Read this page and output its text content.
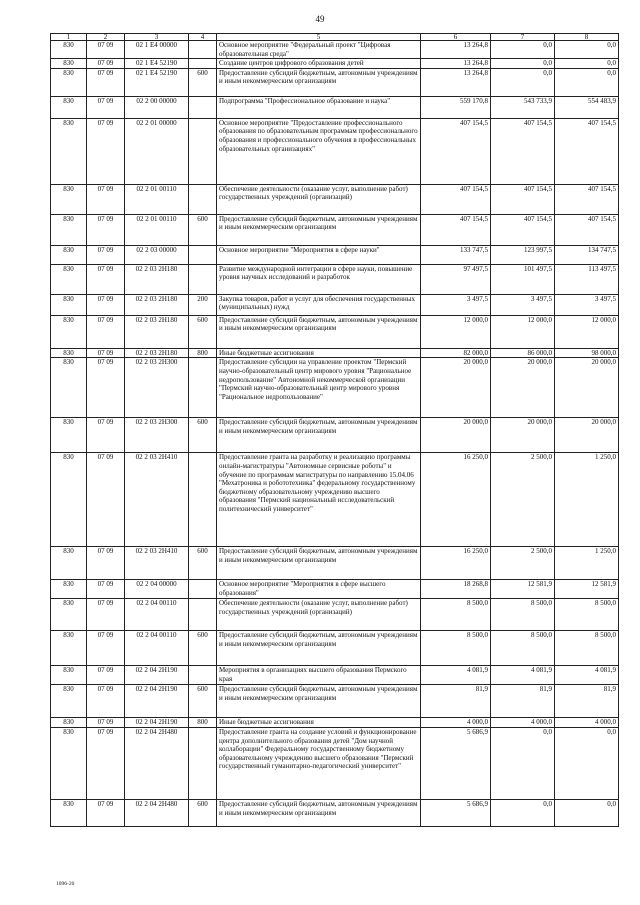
49
1	2	3	4	5	6	7	8
830	07 09	02 1 E4 00000		Основное мероприятие "Федеральный проект "Цифровая образовательная среда"	13 264,8	0,0	0,0
830	07 09	02 1 E4 52190		Создание центров цифрового образования детей	13 264,8	0,0	0,0
830	07 09	02 1 E4 52190	600	Предоставление субсидий бюджетным, автономным учреждениям и иным некоммерческим организациям	13 264,8	0,0	0,0
830	07 09	02 2 00 00000		Подпрограмма "Профессиональное образование и наука"	559 170,8	543 733,9	554 483,9
830	07 09	02 2 01 00000		Основное мероприятие "Предоставление профессионального образования по образовательным программам профессионального образования и профессионального обучения в профессиональных образовательных организациях"	407 154,5	407 154,5	407 154,5
830	07 09	02 2 01 00110		Обеспечение деятельности (оказание услуг, выполнение работ) государственных учреждений (организаций)	407 154,5	407 154,5	407 154,5
830	07 09	02 2 01 00110	600	Предоставление субсидий бюджетным, автономным учреждениям и иным некоммерческим организациям	407 154,5	407 154,5	407 154,5
830	07 09	02 2 03 00000		Основное мероприятие "Мероприятия в сфере науки"	133 747,5	123 997,5	134 747,5
830	07 09	02 2 03 2H180		Развитие международной интеграции в сфере науки, повышение уровня научных исследований и разработок	97 497,5	101 497,5	113 497,5
830	07 09	02 2 03 2H180	200	Закупка товаров, работ и услуг для обеспечения государственных (муниципальных) нужд	3 497,5	3 497,5	3 497,5
830	07 09	02 2 03 2H180	600	Предоставление субсидий бюджетным, автономным учреждениям и иным некоммерческим организациям	12 000,0	12 000,0	12 000,0
830	07 09	02 2 03 2H180	800	Иные бюджетные ассигнования	82 000,0	86 000,0	98 000,0
830	07 09	02 2 03 2H300		Предоставление субсидии на управление проектом "Пермский научно-образовательный центр мирового уровня "Рациональное недропользование" Автономной некоммерческой организации "Пермский научно-образовательный центр мирового уровня "Рациональное недропользование"	20 000,0	20 000,0	20 000,0
830	07 09	02 2 03 2H300	600	Предоставление субсидий бюджетным, автономным учреждениям и иным некоммерческим организациям	20 000,0	20 000,0	20 000,0
830	07 09	02 2 03 2H410		Предоставление гранта на разработку и реализацию программы онлайн-магистратуры "Автономные сервисные роботы" и обучение по программам магистратуры по направлению 15.04.06 "Мехатроника и робототехника" федеральному государственному бюджетному образовательному учреждению высшего образования "Пермский национальный исследовательский политехнический университет"	16 250,0	2 500,0	1 250,0
830	07 09	02 2 03 2H410	600	Предоставление субсидий бюджетным, автономным учреждениям и иным некоммерческим организациям	16 250,0	2 500,0	1 250,0
830	07 09	02 2 04 00000		Основное мероприятие "Мероприятия в сфере высшего образования"	18 268,8	12 581,9	12 581,9
830	07 09	02 2 04 00110		Обеспечение деятельности (оказание услуг, выполнение работ) государственных учреждений (организаций)	8 500,0	8 500,0	8 500,0
830	07 09	02 2 04 00110	600	Предоставление субсидий бюджетным, автономным учреждениям и иным некоммерческим организациям	8 500,0	8 500,0	8 500,0
830	07 09	02 2 04 2H190		Мероприятия в организациях высшего образования Пермского края	4 081,9	4 081,9	4 081,9
830	07 09	02 2 04 2H190	600	Предоставление субсидий бюджетным, автономным учреждениям и иным некоммерческим организациям	81,9	81,9	81,9
830	07 09	02 2 04 2H190	800	Иные бюджетные ассигнования	4 000,0	4 000,0	4 000,0
830	07 09	02 2 04 2H480		Предоставление гранта на создание условий и функционирование центра дополнительного образования детей "Дом научной коллаборации" Федеральному государственному бюджетному образовательному учреждению высшего образования "Пермский государственный гуманитарно-педагогический университет"	5 686,9	0,0	0,0
830	07 09	02 2 04 2H480	600	Предоставление субсидий бюджетным, автономным учреждениям и иным некоммерческим организациям	5 686,9	0,0	0,0
1096-20
